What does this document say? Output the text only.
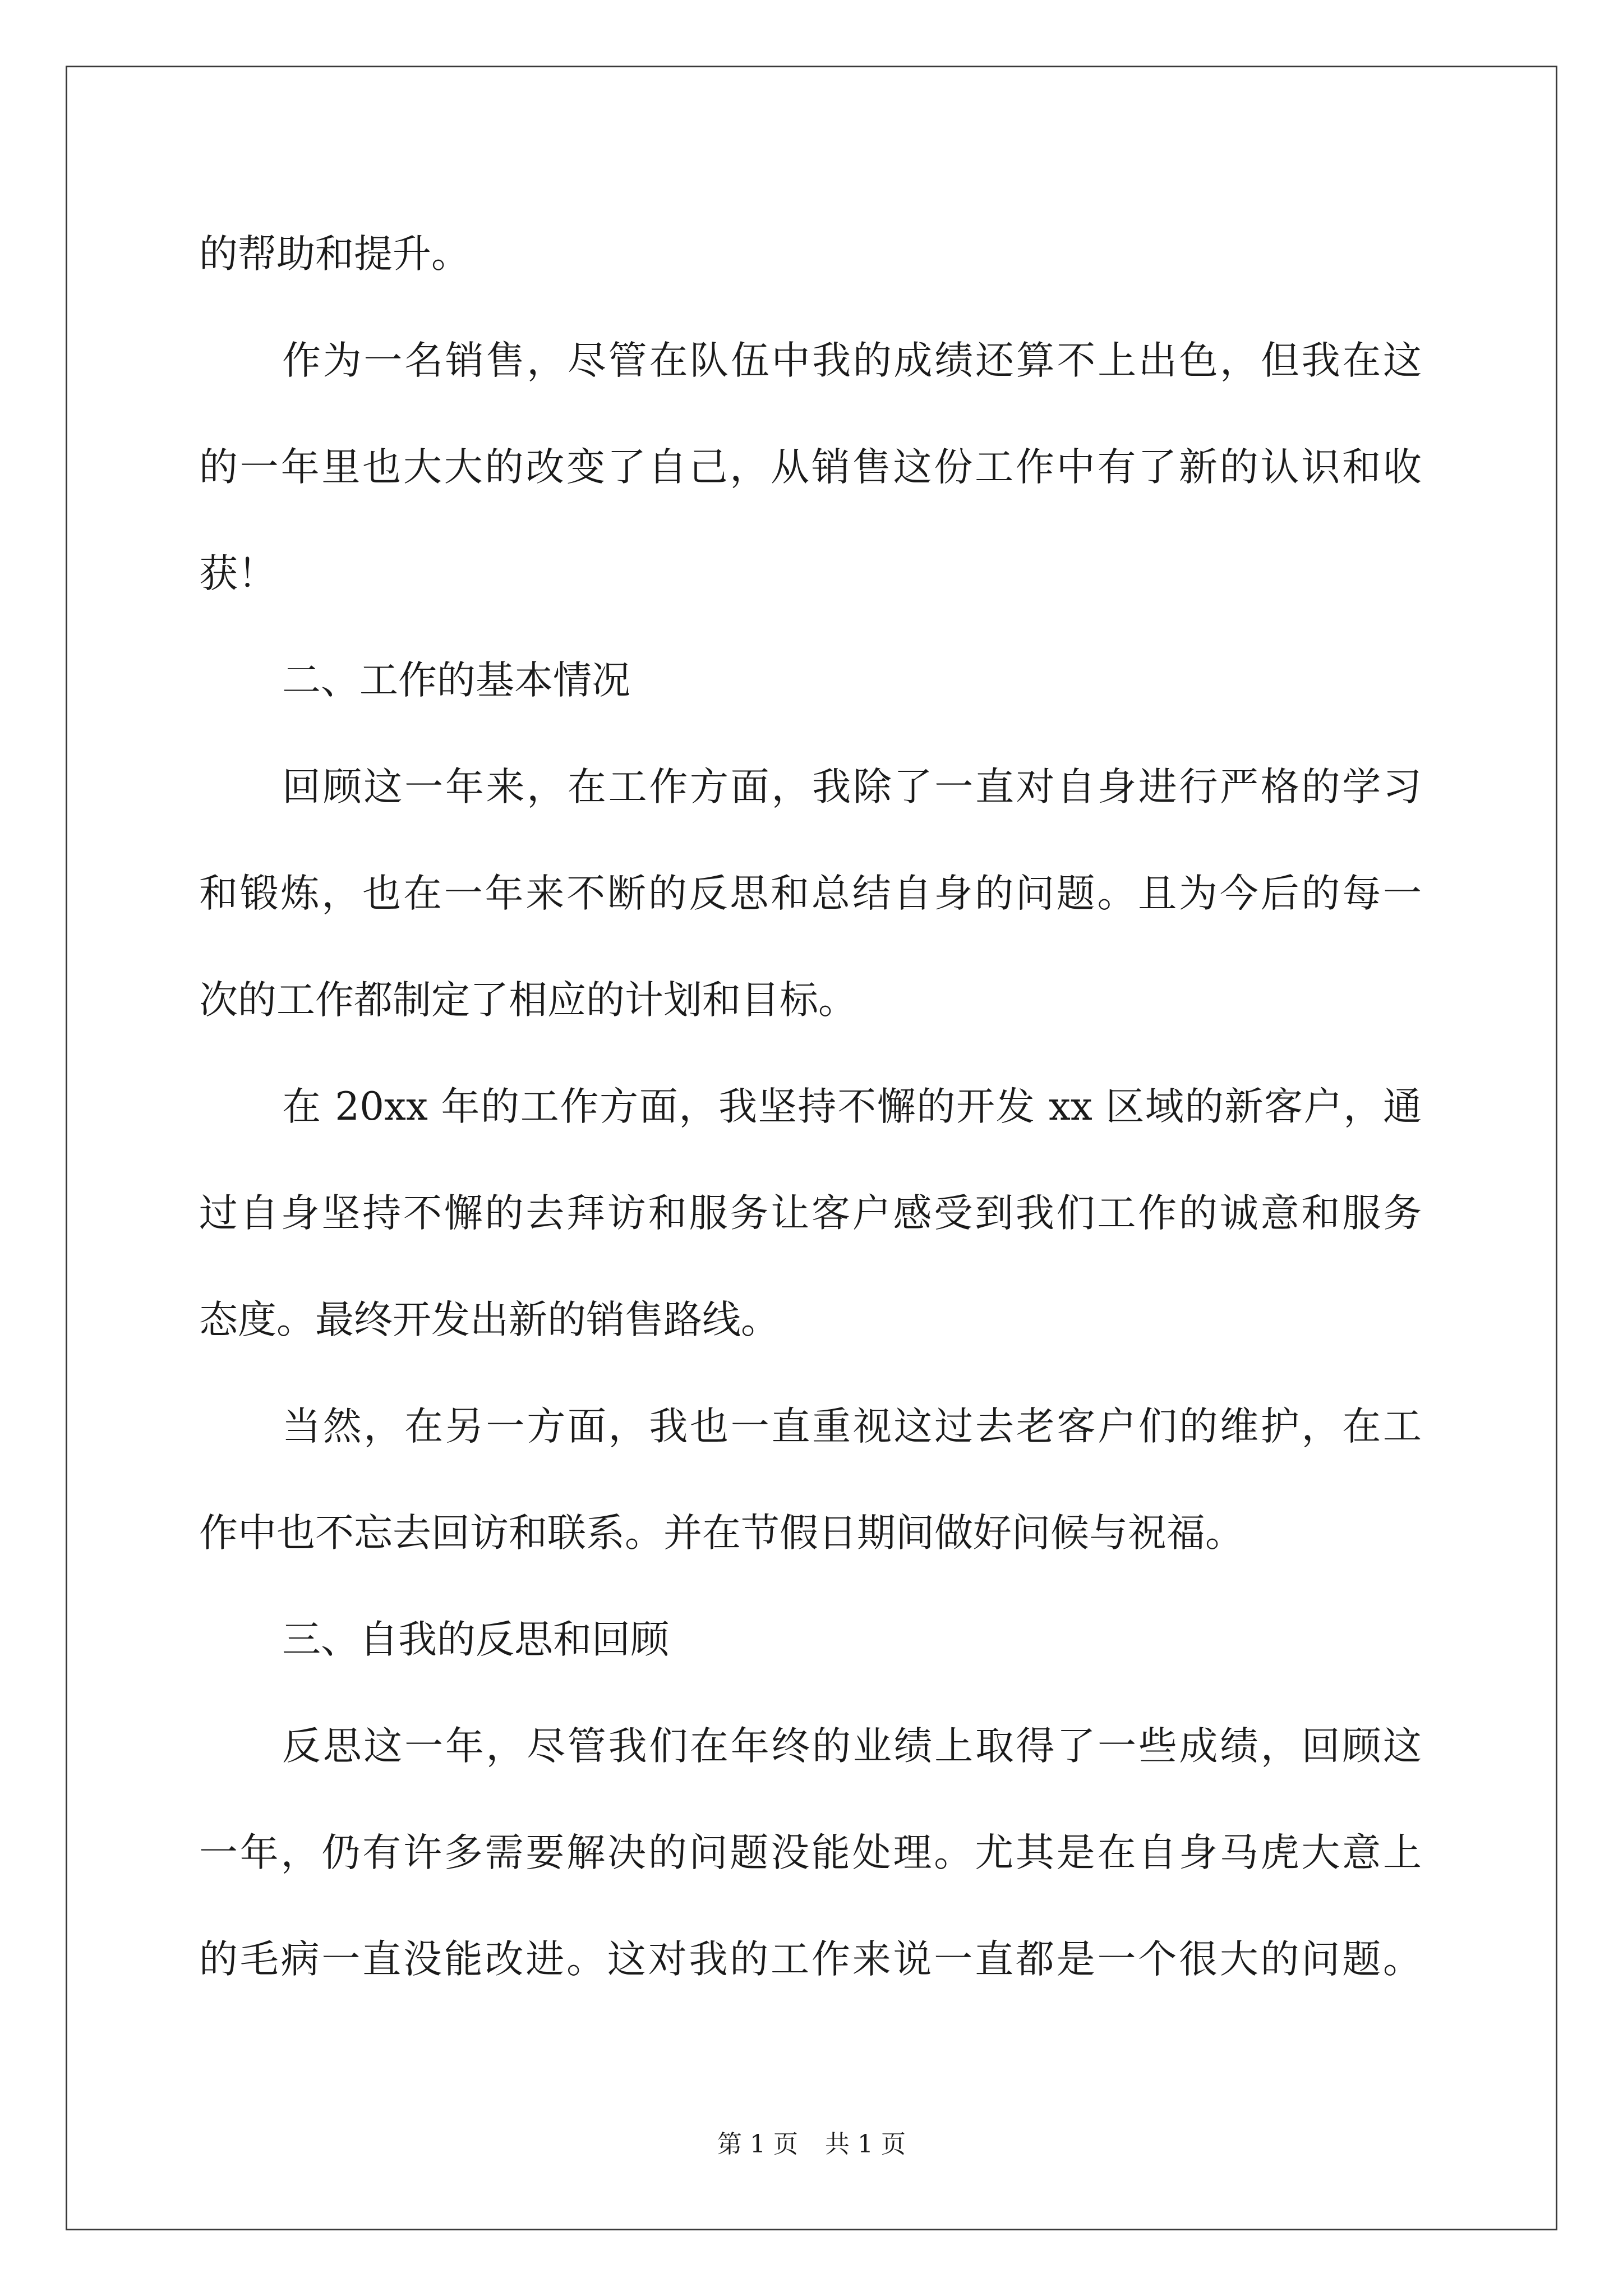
的帮助和提升。
作为一名销售，尽管在队伍中我的成绩还算不上出色，但我在这
的一年里也大大的改变了自己，从销售这份工作中有了新的认识和收
获！
二、工作的基本情况
回顾这一年来，在工作方面，我除了一直对自身进行严格的学习
和锻炼，也在一年来不断的反思和总结自身的问题。且为今后的每一
次的工作都制定了相应的计划和目标。
在 20xx 年的工作方面，我坚持不懈的开发 xx 区域的新客户，通
过自身坚持不懈的去拜访和服务让客户感受到我们工作的诚意和服务
态度。最终开发出新的销售路线。
当然，在另一方面，我也一直重视这过去老客户们的维护，在工
作中也不忘去回访和联系。并在节假日期间做好问候与祝福。
三、自我的反思和回顾
反思这一年，尽管我们在年终的业绩上取得了一些成绩，回顾这
一年，仍有许多需要解决的问题没能处理。尤其是在自身马虎大意上
的毛病一直没能改进。这对我的工作来说一直都是一个很大的问题。
第 1 页 共 1 页
